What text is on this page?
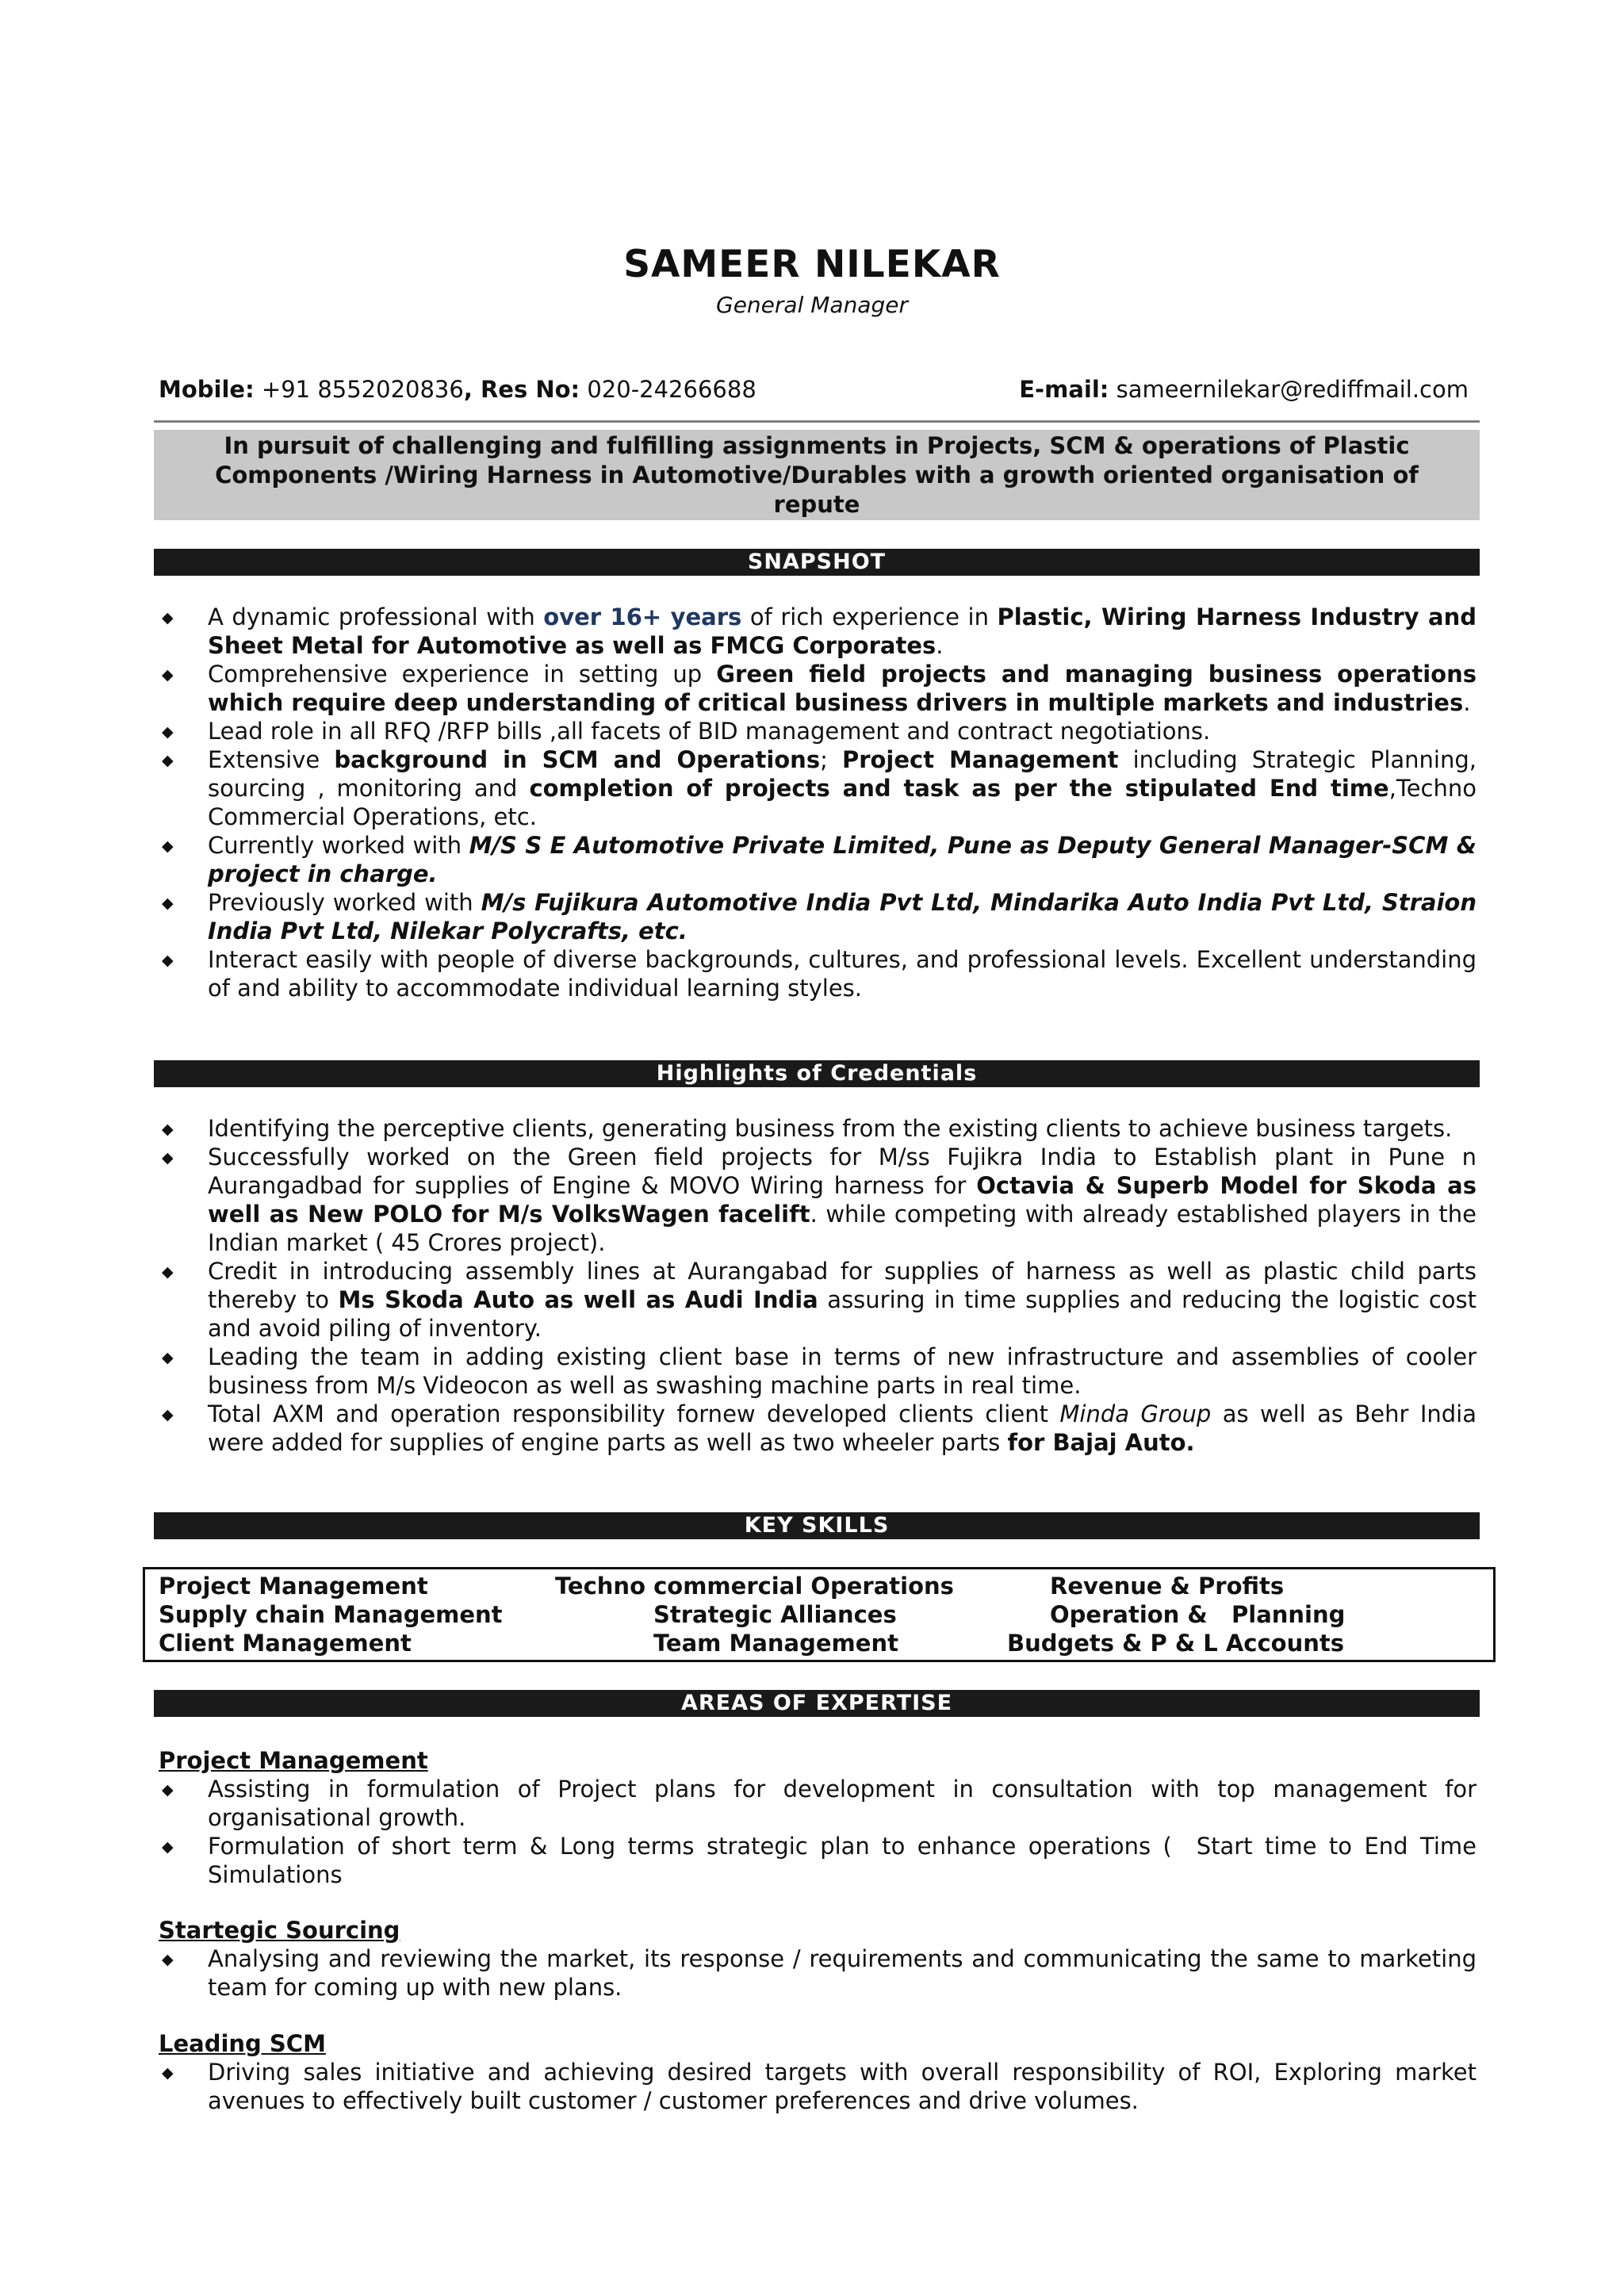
SAMEER NILEKAR

General Manager

Mobile: +91 8552020836, Res No: 020-24266688	E-mail: sameernilekar@rediffmail.com
In pursuit of challenging and fulfilling assignments in Projects, SCM & operations of Plastic
Components /Wiring Harness in Automotive/Durables with a growth oriented organisation of
repute
SNAPSHOT
◆ A dynamic professional with over 16+ years of rich experience in Plastic, Wiring Harness Industry and Sheet Metal for Automotive as well as FMCG Corporates.
◆ Comprehensive experience in setting up Green field projects and managing business operations which require deep understanding of critical business drivers in multiple markets and industries.
◆ Lead role in all RFQ /RFP bills ,all facets of BID management and contract negotiations.
◆ Extensive background in SCM and Operations; Project Management including Strategic Planning, sourcing , monitoring and completion of projects and task as per the stipulated End time,Techno Commercial Operations, etc.
◆ Currently worked with M/S S E Automotive Private Limited, Pune as Deputy General Manager-SCM & project in charge.
◆ Previously worked with M/s Fujikura Automotive India Pvt Ltd, Mindarika Auto India Pvt Ltd, Straion India Pvt Ltd, Nilekar Polycrafts, etc.
◆ Interact easily with people of diverse backgrounds, cultures, and professional levels. Excellent understanding of and ability to accommodate individual learning styles.
Highlights of Credentials
◆ Identifying the perceptive clients, generating business from the existing clients to achieve business targets.
◆ Successfully worked on the Green field projects for M/ss Fujikra India to Establish plant in Pune n Aurangadbad for supplies of Engine & MOVO Wiring harness for Octavia & Superb Model for Skoda as well as New POLO for M/s VolksWagen facelift. while competing with already established players in the Indian market ( 45 Crores project).
◆ Credit in introducing assembly lines at Aurangabad for supplies of harness as well as plastic child parts thereby to Ms Skoda Auto as well as Audi India assuring in time supplies and reducing the logistic cost and avoid piling of inventory.
◆ Leading the team in adding existing client base in terms of new infrastructure and assemblies of cooler business from M/s Videocon as well as swashing machine parts in real time.
◆ Total AXM and operation responsibility fornew developed clients client Minda Group as well as Behr India were added for supplies of engine parts as well as two wheeler parts for Bajaj Auto.
KEY SKILLS
Project Management	Techno commercial Operations	Revenue & Profits
Supply chain Management	Strategic Alliances	Operation &   Planning
Client Management	Team Management	Budgets & P & L Accounts
AREAS OF EXPERTISE

Project Management

◆ Assisting in formulation of Project plans for development in consultation with top management for organisational growth.
◆ Formulation of short term & Long terms strategic plan to enhance operations (  Start time to End Time Simulations

Startegic Sourcing

◆ Analysing and reviewing the market, its response / requirements and communicating the same to marketing team for coming up with new plans.

Leading SCM

◆ Driving sales initiative and achieving desired targets with overall responsibility of ROI, Exploring market avenues to effectively built customer / customer preferences and drive volumes.
